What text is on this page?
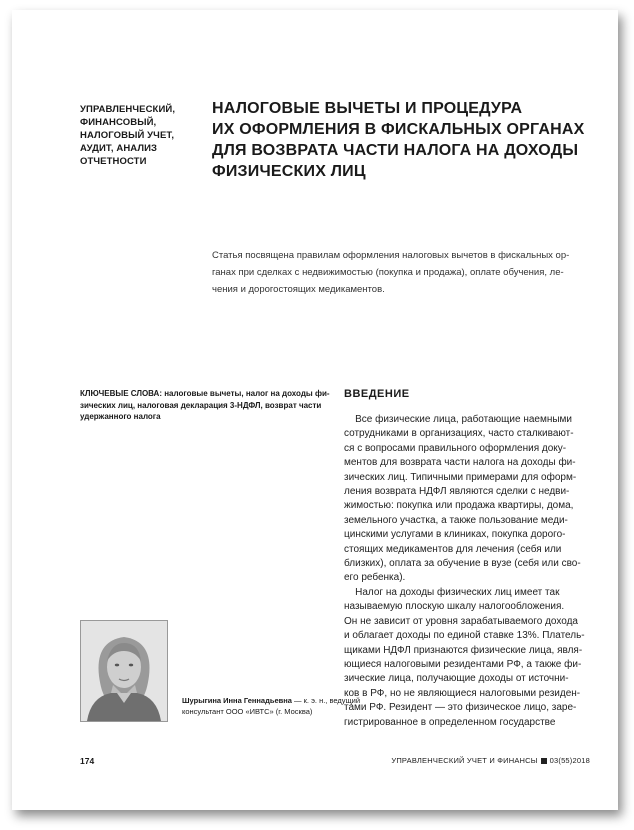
УПРАВЛЕНЧЕСКИЙ,
ФИНАНСОВЫЙ,
НАЛОГОВЫЙ УЧЕТ,
АУДИТ, АНАЛИЗ
ОТЧЕТНОСТИ
НАЛОГОВЫЕ ВЫЧЕТЫ И ПРОЦЕДУРА
ИХ ОФОРМЛЕНИЯ В ФИСКАЛЬНЫХ ОРГАНАХ
ДЛЯ ВОЗВРАТА ЧАСТИ НАЛОГА НА ДОХОДЫ
ФИЗИЧЕСКИХ ЛИЦ
Статья посвящена правилам оформления налоговых вычетов в фискальных ор-
ганах при сделках с недвижимостью (покупка и продажа), оплате обучения, ле-
чения и дорогостоящих медикаментов.
КЛЮЧЕВЫЕ СЛОВА: налоговые вычеты, налог на доходы фи-
зических лиц, налоговая декларация 3-НДФЛ, возврат части
удержанного налога
Шурыгина Инна Геннадьевна — к. э. н., ведущий
консультант ООО «ИВТС» (г. Москва)
ВВЕДЕНИЕ
Все физические лица, работающие наемными
сотрудниками в организациях, часто сталкивают-
ся с вопросами правильного оформления доку-
ментов для возврата части налога на доходы фи-
зических лиц. Типичными примерами для оформ-
ления возврата НДФЛ являются сделки с недви-
жимостью: покупка или продажа квартиры, дома,
земельного участка, а также пользование меди-
цинскими услугами в клиниках, покупка дорого-
стоящих медикаментов для лечения (себя или
близких), оплата за обучение в вузе (себя или сво-
его ребенка).
Налог на доходы физических лиц имеет так
называемую плоскую шкалу налогообложения.
Он не зависит от уровня зарабатываемого дохода
и облагает доходы по единой ставке 13%. Платель-
щиками НДФЛ признаются физические лица, явля-
ющиеся налоговыми резидентами РФ, а также фи-
зические лица, получающие доходы от источни-
ков в РФ, но не являющиеся налоговыми резиден-
тами РФ. Резидент — это физическое лицо, заре-
гистрированное в определенном государстве
174	УПРАВЛЕНЧЕСКИЙ УЧЕТ И ФИНАНСЫ 03(55)2018
